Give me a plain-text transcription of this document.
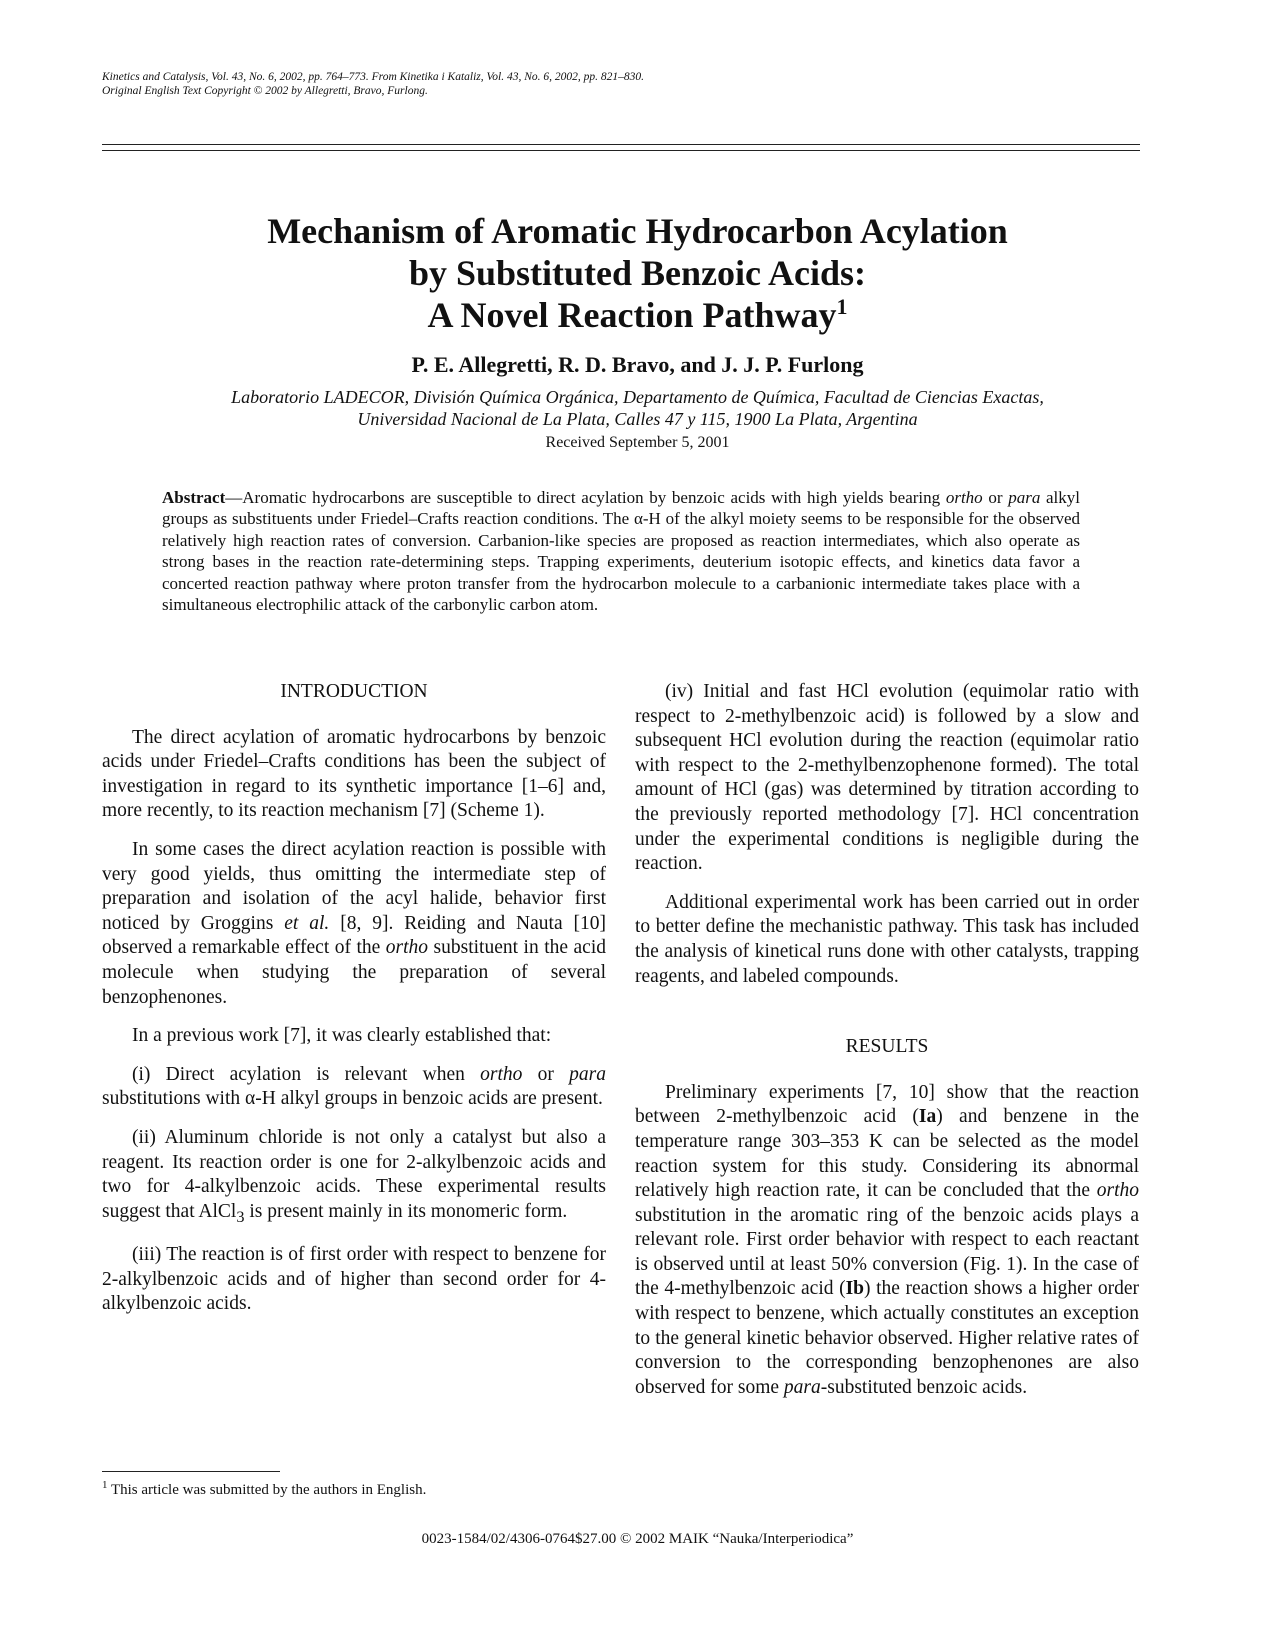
Kinetics and Catalysis, Vol. 43, No. 6, 2002, pp. 764–773. From Kinetika i Kataliz, Vol. 43, No. 6, 2002, pp. 821–830.
Original English Text Copyright © 2002 by Allegretti, Bravo, Furlong.
Mechanism of Aromatic Hydrocarbon Acylation
by Substituted Benzoic Acids:
A Novel Reaction Pathway$^1$
P. E. Allegretti, R. D. Bravo, and J. J. P. Furlong
Laboratorio LADECOR, División Química Orgánica, Departamento de Química, Facultad de Ciencias Exactas,
Universidad Nacional de La Plata, Calles 47 y 115, 1900 La Plata, Argentina
Received September 5, 2001
Abstract—Aromatic hydrocarbons are susceptible to direct acylation by benzoic acids with high yields bearing ortho or para alkyl groups as substituents under Friedel–Crafts reaction conditions. The α-H of the alkyl moiety seems to be responsible for the observed relatively high reaction rates of conversion. Carbanion-like species are proposed as reaction intermediates, which also operate as strong bases in the reaction rate-determining steps. Trapping experiments, deuterium isotopic effects, and kinetics data favor a concerted reaction pathway where proton transfer from the hydrocarbon molecule to a carbanionic intermediate takes place with a simultaneous electrophilic attack of the carbonylic carbon atom.

INTRODUCTION

The direct acylation of aromatic hydrocarbons by benzoic acids under Friedel–Crafts conditions has been the subject of investigation in regard to its synthetic importance [1–6] and, more recently, to its reaction mechanism [7] (Scheme 1).

In some cases the direct acylation reaction is possible with very good yields, thus omitting the intermediate step of preparation and isolation of the acyl halide, behavior first noticed by Groggins et al. [8, 9]. Reiding and Nauta [10] observed a remarkable effect of the ortho substituent in the acid molecule when studying the preparation of several benzophenones.

In a previous work [7], it was clearly established that:

(i) Direct acylation is relevant when ortho or para substitutions with α-H alkyl groups in benzoic acids are present.

(ii) Aluminum chloride is not only a catalyst but also a reagent. Its reaction order is one for 2-alkylbenzoic acids and two for 4-alkylbenzoic acids. These experimental results suggest that AlCl$_3$ is present mainly in its monomeric form.

(iii) The reaction is of first order with respect to benzene for 2-alkylbenzoic acids and of higher than second order for 4-alkylbenzoic acids.

(iv) Initial and fast HCl evolution (equimolar ratio with respect to 2-methylbenzoic acid) is followed by a slow and subsequent HCl evolution during the reaction (equimolar ratio with respect to the 2-methylbenzophenone formed). The total amount of HCl (gas) was determined by titration according to the previously reported methodology [7]. HCl concentration under the experimental conditions is negligible during the reaction.

Additional experimental work has been carried out in order to better define the mechanistic pathway. This task has included the analysis of kinetical runs done with other catalysts, trapping reagents, and labeled compounds.

RESULTS

Preliminary experiments [7, 10] show that the reaction between 2-methylbenzoic acid (Ia) and benzene in the temperature range 303–353 K can be selected as the model reaction system for this study. Considering its abnormal relatively high reaction rate, it can be concluded that the ortho substitution in the aromatic ring of the benzoic acids plays a relevant role. First order behavior with respect to each reactant is observed until at least 50% conversion (Fig. 1). In the case of the 4-methylbenzoic acid (Ib) the reaction shows a higher order with respect to benzene, which actually constitutes an exception to the general kinetic behavior observed. Higher relative rates of conversion to the corresponding benzophenones are also observed for some para-substituted benzoic acids.

$^1$ This article was submitted by the authors in English.
0023-1584/02/4306-0764$27.00 © 2002 MAIK “Nauka/Interperiodica”
